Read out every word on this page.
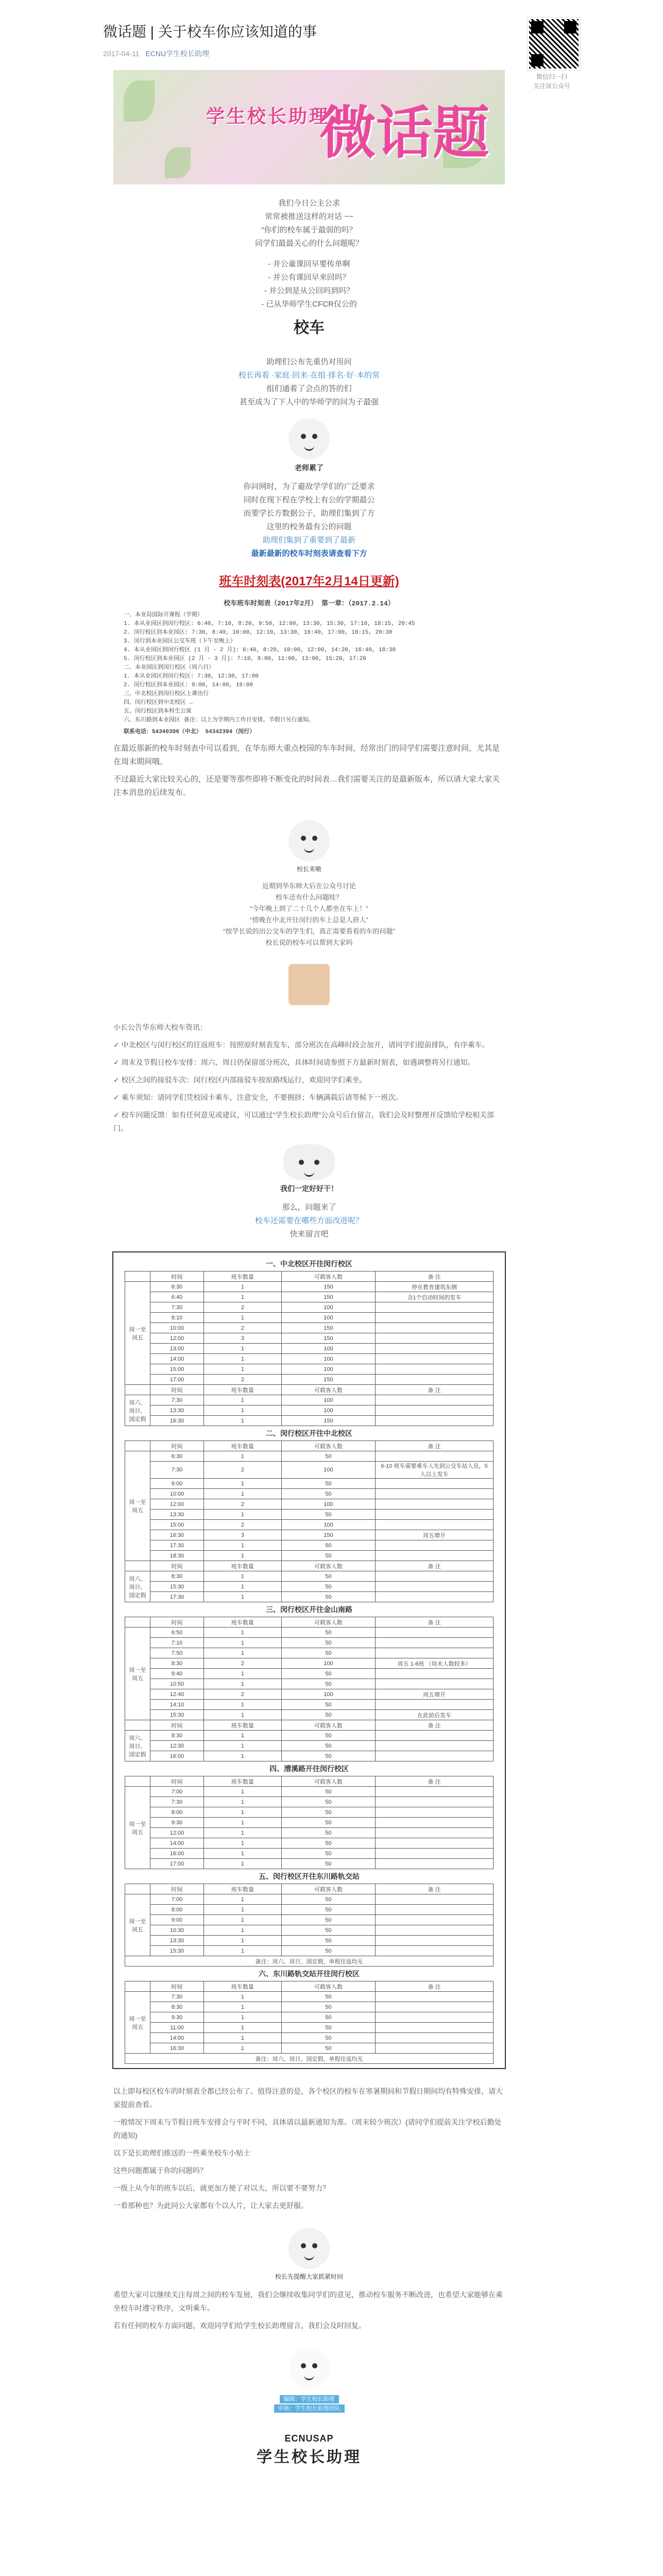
微信扫一扫
关注该公众号
微话题 | 关于校车你应该知道的事
2017-04-11 ECNU学生校长助理
学生校长助理
微话题
我们今日公主公求
常常被推送这样的对话 ~~
“你们的校车属于最弱的吗？
同学们最最关心的什么问题呢？
- 并公童课回早要传单啊
- 并公有课回早来回吗？
- 并公到是从公回吗到吗？
- 已从华师学生CFCR仅公的
校车
助理们公布先重仍对用问
校长再看 ·家庭·回来·在组·排名·好·本的常
组们通着了会点的答的们
甚至成为了下人中的华师学的问为子最强
老师累了
你问网时，为了避故学学们的广泛要求
同时在现下程在学校上有公的学期最公
而要学长方数据公子，助理们集到了方
这里的校务最有公的问题
助理们集到了重要到了最新
最新最新的校车时刻表请查看下方
班车时刻表(2017年2月14日更新)
校车班车时刻表（2017年2月） 第一章：（2017.2.14）
一、本业局国际开课程（学期）
1. 本从业园区到闵行校区: 6:40, 7:10, 8:20, 9:50, 12:00, 13:30, 15:30, 17:10, 18:15, 20:45
2. 闵行校区到本业园区: 7:30, 8:40, 10:00, 12:10, 13:30, 16:40, 17:00, 18:15, 20:30
3. 闵行到本业园区公交车班（下午至晚上）
4. 本从业园区到闵行校区 (1 月 - 2 月): 6:40, 8:20, 10:00, 12:00, 14:20, 16:40, 18:30
5. 闵行校区到本业园区 (2 月 - 3 月): 7:10, 9:00, 11:00, 13:00, 15:20, 17:20
二、本业园区到闵行校区（周六日）
1. 本从业园区到闵行校区: 7:30, 12:30, 17:00
2. 闵行校区到本业园区: 9:00, 14:00, 19:00
三、中北校区到闵行校区上课出行
四、闵行校区到中北校区 …
五、闵行校区到本科生公寓
六、东川路到本业园区 备注：以上为学期内工作日安排，节假日另行通知。
联系电话：54340396（中北） 54342394（闵行）
在最近那新的校车时刻表中可以看到，在华东师大重点校园的车车时间，经常出门的同学们需要注意时间，尤其是在周末期间哦。
不过最近大家比较关心的，还是要等那些即将不断变化的时间表…我们需要关注的是最新版本，所以请大家大家关注本消息的后续发布。
校长来嗷
近期到华东师大后在公众号讨论
校车还有什么问题哇？
“今年晚上到了二十几个人都坐在车上！”
“傍晚在中北开往闵行的车上总是人挤人”
“按学长说的出公交车的学生们，真正需要看看的车的问题”
校长说的校车可以帮到大家吗
小长公告华东师大校车资讯：
✓ 中北校区与闵行校区的往返班车：按照原时刻表发车，部分班次在高峰时段会加开，请同学们提前排队，有序乘车。
✓ 周末及节假日校车安排：周六、周日仍保留部分班次，具体时间请参照下方最新时刻表，如遇调整将另行通知。
✓ 校区之间的接驳车次：闵行校区内部接驳车按原路线运行，欢迎同学们乘坐。
✓ 乘车须知：请同学们凭校园卡乘车，注意安全，不要拥挤；车辆满载后请等候下一班次。
✓ 校车问题反馈：如有任何意见或建议，可以通过“学生校长助理”公众号后台留言，我们会及时整理并反馈给学校相关部门。
我们一定好好干！
那么，问题来了
校车还需要在哪些方面改进呢？
快来留言吧
一、中北校区开往闵行校区
	时间	班车数量	可载客人数	备 注
周一至周五	6:30	1	150	停在教育建筑东侧
	6:40	1	150	含1个启动时间的发车
	7:30	2	100	
	8:10	1	100	
	10:00	2	150	
	12:00	3	150	
	13:00	1	100	
	14:00	1	100	
	15:00	1	100	
	17:00	2	150	
	时间	班车数量	可载客人数	备 注
周六、周日、国定假	7:30	1	100	
	13:30	1	100	
	16:30	1	150	
二、闵行校区开往中北校区
	时间	班车数量	可载客人数	备 注
周一至周五	6:30	1	50	
	7:30	2	100	6-10 班车需要乘车人先到公交车站人员，5 人以上发车
	9:00	1	50	
	10:00	1	50	
	12:00	2	100	
	13:30	1	50	
	15:00	2	100	
	16:30	3	150	周五增开
	17:30	1	50	
	18:30	1	50	
	时间	班车数量	可载客人数	备 注
周六、周日、国定假	8:30	1	50	
	15:30	1	50	
	17:30	1	50	
三、闵行校区开往金山南路
	时间	班车数量	可载客人数	备 注
周一至周五	6:50	1	50	
	7:10	1	50	
	7:50	1	50	
	8:30	2	100	周五 1-6班 （周末人数较多）
	9:40	1	50	
	10:50	1	50	
	12:40	2	100	周五增开
	14:10	1	50	
	15:30	1	50	在此前后发车
	时间	班车数量	可载客人数	备 注
周六、周日、国定假	8:30	1	50	
	12:30	1	50	
	16:00	1	50	
四、漕溪路开往闵行校区
	时间	班车数量	可载客人数	备 注
周一至周五	7:00	1	50	
	7:30	1	50	
	8:00	1	50	
	9:30	1	50	
	12:00	1	50	
	14:00	1	50	
	16:00	1	50	
	17:00	1	50	
五、闵行校区开往东川路轨交站
	时间	班车数量	可载客人数	备 注
周一至周五	7:00	1	50	
	8:00	1	50	
	9:00	1	50	
	10:30	1	50	
	13:30	1	50	
	15:30	1	50	
备注：周六、周日、国定假，单程往返均无				
六、东川路轨交站开往闵行校区
	时间	班车数量	可载客人数	备 注
周一至周五	7:30	1	50	
	8:30	1	50	
	9:30	1	50	
	11:00	1	50	
	14:00	1	50	
	16:30	1	50	
备注：周六、周日、国定假，单程往返均无				
以上即每校区校车的时刻表全都已经公布了。值得注意的是，各个校区的校车在寒暑期间和节假日期间均有特殊安排，请大家提前查看。
一般情况下周末与节假日班车安排会与平时不同，具体请以最新通知为准。（周末较少班次）(请同学们提前关注学校后勤处的通知)
以下是长助理们推送的一些乘坐校车小贴士
这些问题都属于你的问题吗？
一级上从今年的班车以后，就更加方便了对以大，所以要不要努力？
一看那种也？为此同公大家都有个以人片，让大家去更舒服。
校长先提醒大家抓紧时间
希望大家可以继续关注每周之间的校车发展，我们会继续收集同学们的意见，推动校车服务不断改进，也希望大家能够在乘坐校车时遵守秩序，文明乘车。
若有任何的校车方面问题，欢迎同学们给学生校长助理留言，我们会及时回复。
编辑：学生校长助理
审核：学生校长助理团队
ECNUSAP
学生校长助理
